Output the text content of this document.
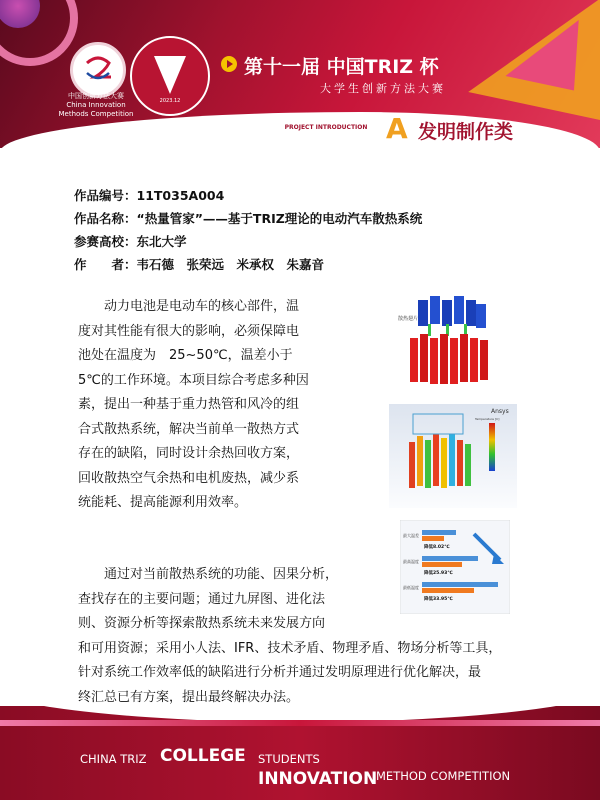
中国创新方法大赛
China Innovation
Methods Competition
2023.12
第十一届 中国TRIZ 杯
大学生创新方法大赛
PROJECT INTRODUCTION A 发明制作类
作品编号：11T035A004
作品名称：“热量管家”——基于TRIZ理论的电动汽车散热系统
参赛高校：东北大学
作　　者：韦石德　张荣远　米承权　朱嘉音
动力电池是电动车的核心部件，温度对其性能有很大的影响，必须保障电池处在温度为　25~50℃，温差小于　5℃的工作环境。本项目综合考虑多种因素，提出一种基于重力热管和风冷的组合式散热系统，解决当前单一散热方式存在的缺陷，同时设计余热回收方案，回收散热空气余热和电机废热，减少系统能耗、提高能源利用效率。
　　通过对当前散热系统的功能、因果分析，
查找存在的主要问题；通过九屏图、进化法
则、资源分析等探索散热系统未来发展方向
和可用资源；采用小人法、IFR、技术矛盾、物理矛盾、物场分析等工具，
针对系统工作效率低的缺陷进行分析并通过发明原理进行优化解决，最
终汇总已有方案，提出最终解决办法。
散热翅片
Ansys
Temperature [C]
最大温差
降低8.02℃
最高温度
降低25.93℃
最低温度
降低33.95℃
CHINA TRIZ COLLEGE STUDENTS
INNOVATION
METHOD COMPETITION
